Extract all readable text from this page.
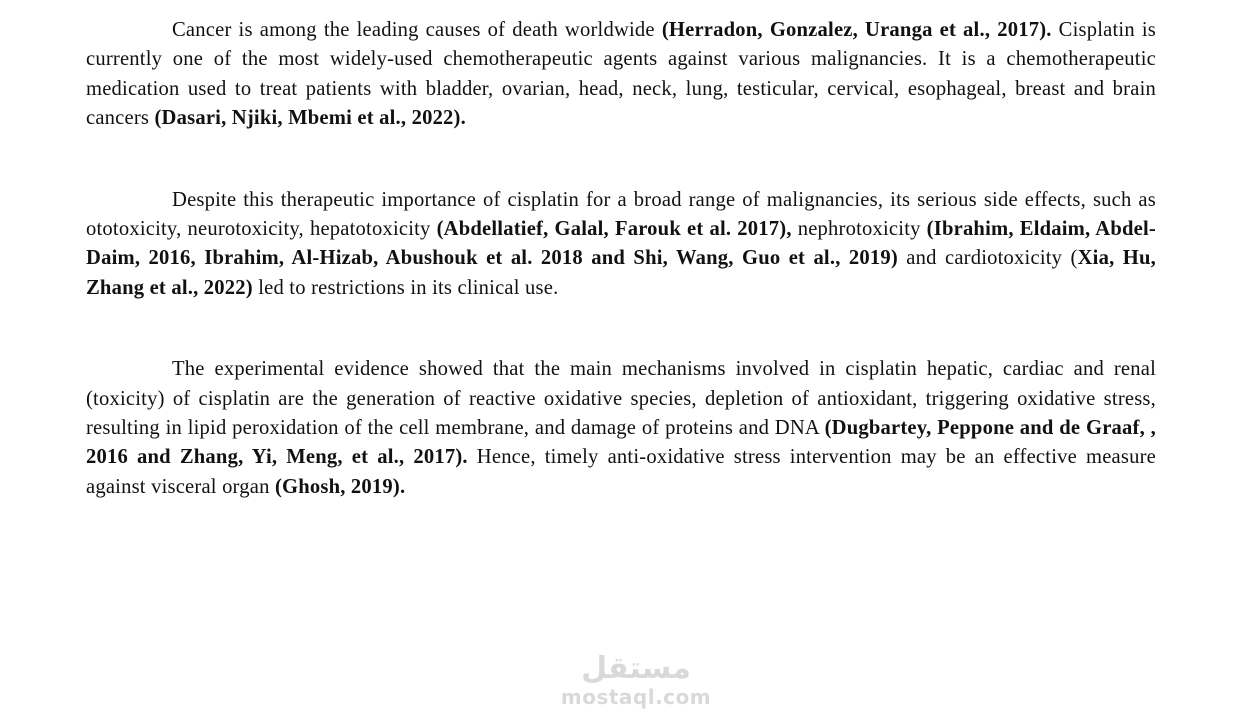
Cancer is among the leading causes of death worldwide (Herradon, Gonzalez, Uranga et al., 2017). Cisplatin is currently one of the most widely-used chemotherapeutic agents against various malignancies. It is a chemotherapeutic medication used to treat patients with bladder, ovarian, head, neck, lung, testicular, cervical, esophageal, breast and brain cancers (Dasari, Njiki, Mbemi et al., 2022).

Despite this therapeutic importance of cisplatin for a broad range of malignancies, its serious side effects, such as ototoxicity, neurotoxicity, hepatotoxicity (Abdellatief, Galal, Farouk et al. 2017), nephrotoxicity (Ibrahim, Eldaim, Abdel-Daim, 2016, Ibrahim, Al-Hizab, Abushouk et al. 2018 and Shi, Wang, Guo et al., 2019) and cardiotoxicity (Xia, Hu, Zhang et al., 2022) led to restrictions in its clinical use.

The experimental evidence showed that the main mechanisms involved in cisplatin hepatic, cardiac and renal (toxicity) of cisplatin are the generation of reactive oxidative species, depletion of antioxidant, triggering oxidative stress, resulting in lipid peroxidation of the cell membrane, and damage of proteins and DNA (Dugbartey, Peppone and de Graaf, , 2016 and Zhang, Yi, Meng, et al., 2017). Hence, timely anti-oxidative stress intervention may be an effective measure against visceral organ (Ghosh, 2019).

مستقل
mostaql.com
